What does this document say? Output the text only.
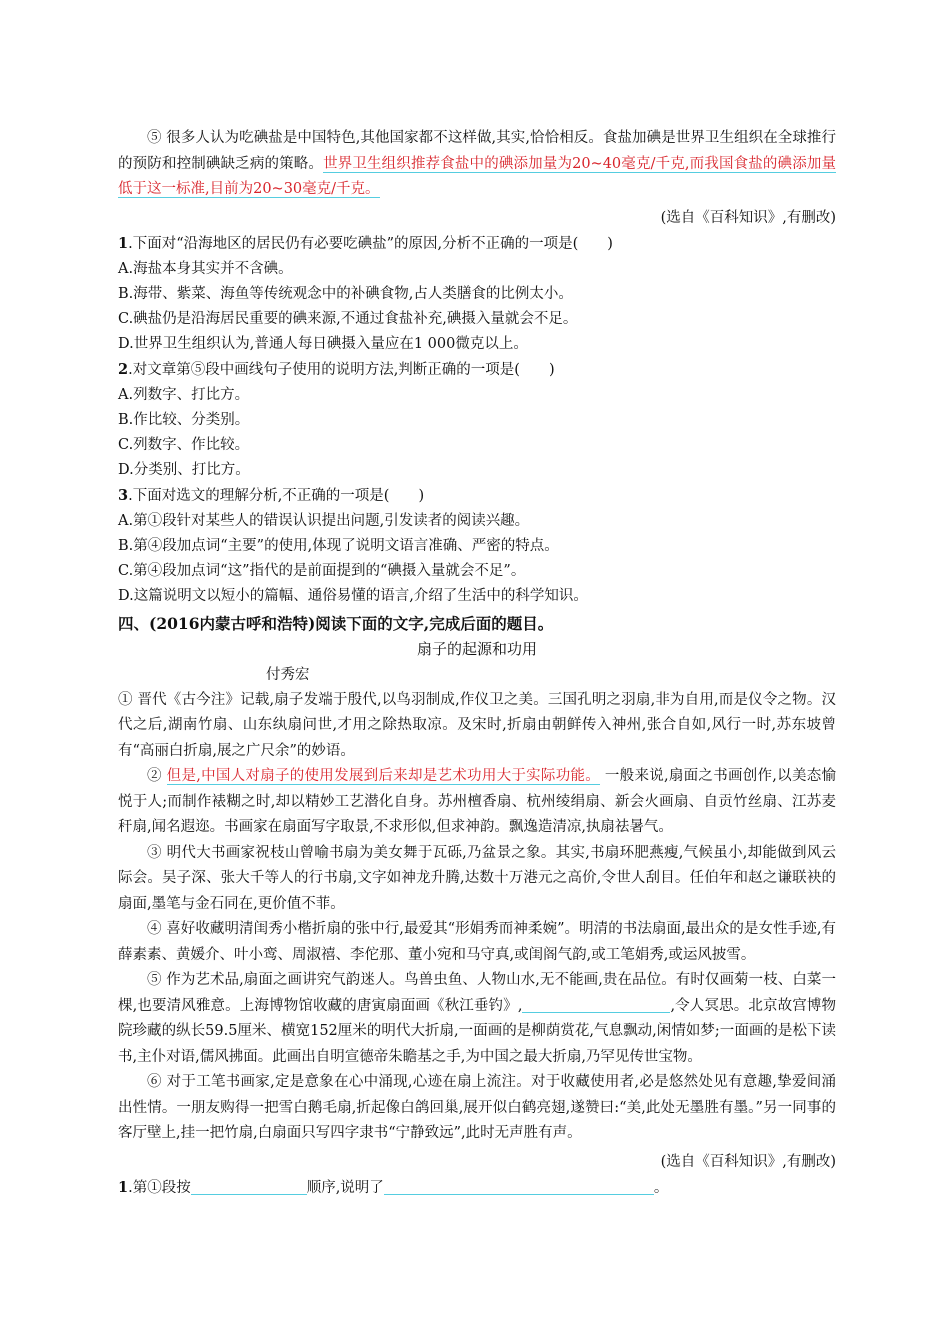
⑤ 很多人认为吃碘盐是中国特色,其他国家都不这样做,其实,恰恰相反。食盐加碘是世界卫生组织在全球推行的预防和控制碘缺乏病的策略。世界卫生组织推荐食盐中的碘添加量为20~40毫克/千克,而我国食盐的碘添加量低于这一标准,目前为20~30毫克/千克。

(选自《百科知识》,有删改)

1.下面对“沿海地区的居民仍有必要吃碘盐”的原因,分析不正确的一项是(　　)

A.海盐本身其实并不含碘。

B.海带、紫菜、海鱼等传统观念中的补碘食物,占人类膳食的比例太小。

C.碘盐仍是沿海居民重要的碘来源,不通过食盐补充,碘摄入量就会不足。

D.世界卫生组织认为,普通人每日碘摄入量应在1 000微克以上。

2.对文章第⑤段中画线句子使用的说明方法,判断正确的一项是(　　)

A.列数字、打比方。

B.作比较、分类别。

C.列数字、作比较。

D.分类别、打比方。

3.下面对选文的理解分析,不正确的一项是(　　)

A.第①段针对某些人的错误认识提出问题,引发读者的阅读兴趣。

B.第④段加点词“主要”的使用,体现了说明文语言准确、严密的特点。

C.第④段加点词“这”指代的是前面提到的“碘摄入量就会不足”。

D.这篇说明文以短小的篇幅、通俗易懂的语言,介绍了生活中的科学知识。

四、(2016内蒙古呼和浩特)阅读下面的文字,完成后面的题目。

扇子的起源和功用

付秀宏

① 晋代《古今注》记载,扇子发端于殷代,以鸟羽制成,作仪卫之美。三国孔明之羽扇,非为自用,而是仪令之物。汉代之后,湖南竹扇、山东纨扇问世,才用之除热取凉。及宋时,折扇由朝鲜传入神州,张合自如,风行一时,苏东坡曾有“高丽白折扇,展之广尺余”的妙语。

② 但是,中国人对扇子的使用发展到后来却是艺术功用大于实际功能。 一般来说,扇面之书画创作,以美态愉悦于人;而制作裱糊之时,却以精妙工艺潜化自身。苏州檀香扇、杭州绫绢扇、新会火画扇、自贡竹丝扇、江苏麦秆扇,闻名遐迩。书画家在扇面写字取景,不求形似,但求神韵。飘逸造清凉,执扇祛暑气。

③ 明代大书画家祝枝山曾喻书扇为美女舞于瓦砾,乃盆景之象。其实,书扇环肥燕瘦,气候虽小,却能做到风云际会。吴子深、张大千等人的行书扇,文字如神龙升腾,达数十万港元之高价,令世人刮目。任伯年和赵之谦联袂的扇面,墨笔与金石同在,更价值不菲。

④ 喜好收藏明清闺秀小楷折扇的张中行,最爱其“形娟秀而神柔婉”。明清的书法扇面,最出众的是女性手迹,有薛素素、黄媛介、叶小鸾、周淑禧、李佗那、董小宛和马守真,或闺阁气韵,或工笔娟秀,或运风披雪。

⑤ 作为艺术品,扇面之画讲究气韵迷人。鸟兽虫鱼、人物山水,无不能画,贵在品位。有时仅画菊一枝、白菜一棵,也要清风雅意。上海博物馆收藏的唐寅扇面画《秋江垂钓》,	,令人冥思。北京故宫博物院珍藏的纵长59.5厘米、横宽152厘米的明代大折扇,一面画的是柳荫赏花,气息飘动,闲情如梦;一面画的是松下读书,主仆对语,儒风拂面。此画出自明宣德帝朱瞻基之手,为中国之最大折扇,乃罕见传世宝物。

⑥ 对于工笔书画家,定是意象在心中涌现,心迹在扇上流注。对于收藏使用者,必是悠然处见有意趣,挚爱间涌出性情。一朋友购得一把雪白鹅毛扇,折起像白鸽回巢,展开似白鹤亮翅,遂赞曰:“美,此处无墨胜有墨。”另一同事的客厅壁上,挂一把竹扇,白扇面只写四字隶书“宁静致远”,此时无声胜有声。

(选自《百科知识》,有删改)

1.第①段按	顺序,说明了	。
